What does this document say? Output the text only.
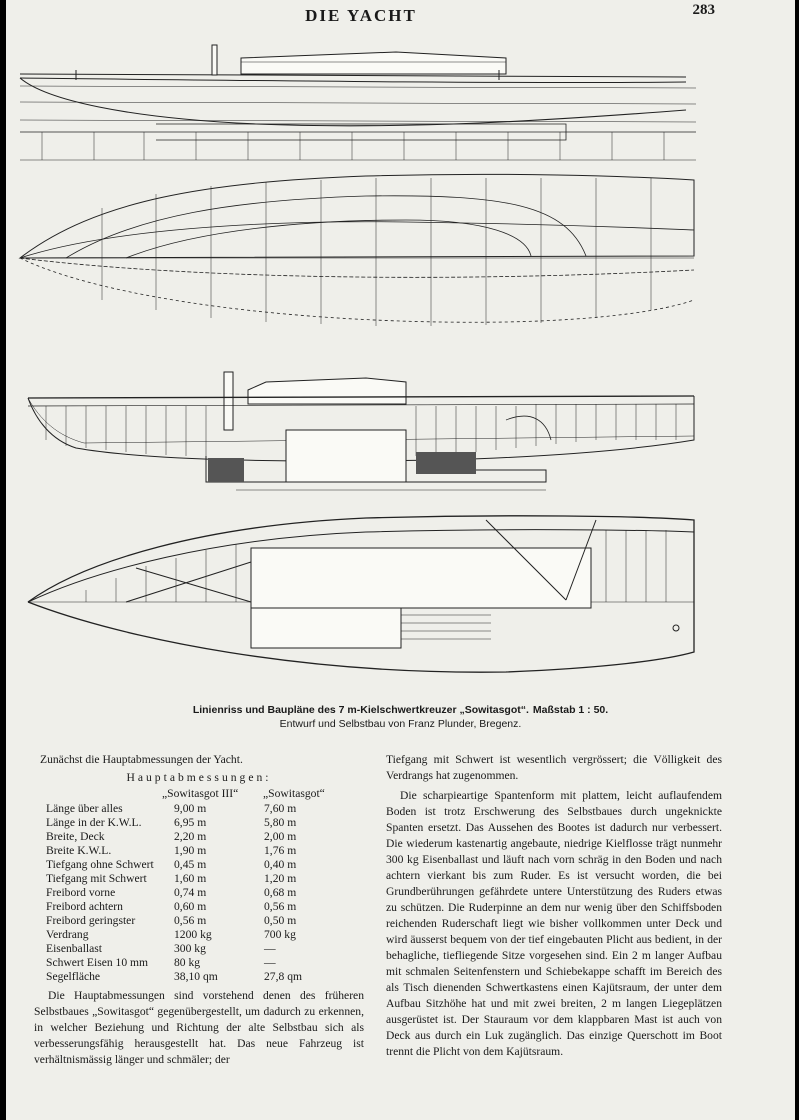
DIE YACHT	283
Linienriss und Baupläne des 7 m-Kielschwertkreuzer „Sowitasgot“. Maßstab 1 : 50.
Entwurf und Selbstbau von Franz Plunder, Bregenz.
Zunächst die Hauptabmessungen der Yacht.
Hauptabmessungen:
„Sowitasgot III“	„Sowitasgot“
Länge über alles	9,00 m	7,60 m
Länge in der K.W.L.	6,95 m	5,80 m
Breite, Deck	2,20 m	2,00 m
Breite K.W.L.	1,90 m	1,76 m
Tiefgang ohne Schwert	0,45 m	0,40 m
Tiefgang mit Schwert	1,60 m	1,20 m
Freibord vorne	0,74 m	0,68 m
Freibord achtern	0,60 m	0,56 m
Freibord geringster	0,56 m	0,50 m
Verdrang	1200 kg	700 kg
Eisenballast	300 kg	—
Schwert Eisen 10 mm	80 kg	—
Segelfläche	38,10 qm	27,8 qm

Die Hauptabmessungen sind vorstehend denen des früheren Selbstbaues „Sowitasgot“ gegenübergestellt, um dadurch zu erkennen, in welcher Beziehung und Richtung der alte Selbstbau sich als verbesserungsfähig herausgestellt hat. Das neue Fahrzeug ist verhältnismässig länger und schmäler; der

Tiefgang mit Schwert ist wesentlich vergrössert; die Völligkeit des Verdrangs hat zugenommen.

Die scharpieartige Spantenform mit plattem, leicht auflaufendem Boden ist trotz Erschwerung des Selbstbaues durch ungeknickte Spanten ersetzt. Das Aussehen des Bootes ist dadurch nur verbessert. Die wiederum kastenartig angebaute, niedrige Kielflosse trägt nunmehr 300 kg Eisenballast und läuft nach vorn schräg in den Boden und nach achtern vierkant bis zum Ruder. Es ist versucht worden, die bei Grundberührungen gefährdete untere Unterstützung des Ruders etwas zu schützen. Die Ruderpinne an dem nur wenig über den Schiffsboden reichenden Ruderschaft liegt wie bisher vollkommen unter Deck und wird äusserst bequem von der tief eingebauten Plicht aus bedient, in der behagliche, tiefliegende Sitze vorgesehen sind. Ein 2 m langer Aufbau mit schmalen Seitenfenstern und Schiebekappe schafft im Bereich des als Tisch dienenden Schwertkastens einen Kajütsraum, der unter dem Aufbau Sitzhöhe hat und mit zwei breiten, 2 m langen Liegeplätzen ausgerüstet ist. Der Stauraum vor dem klappbaren Mast ist auch von Deck aus durch ein Luk zugänglich. Das einzige Querschott im Boot trennt die Plicht von dem Kajütsraum.
